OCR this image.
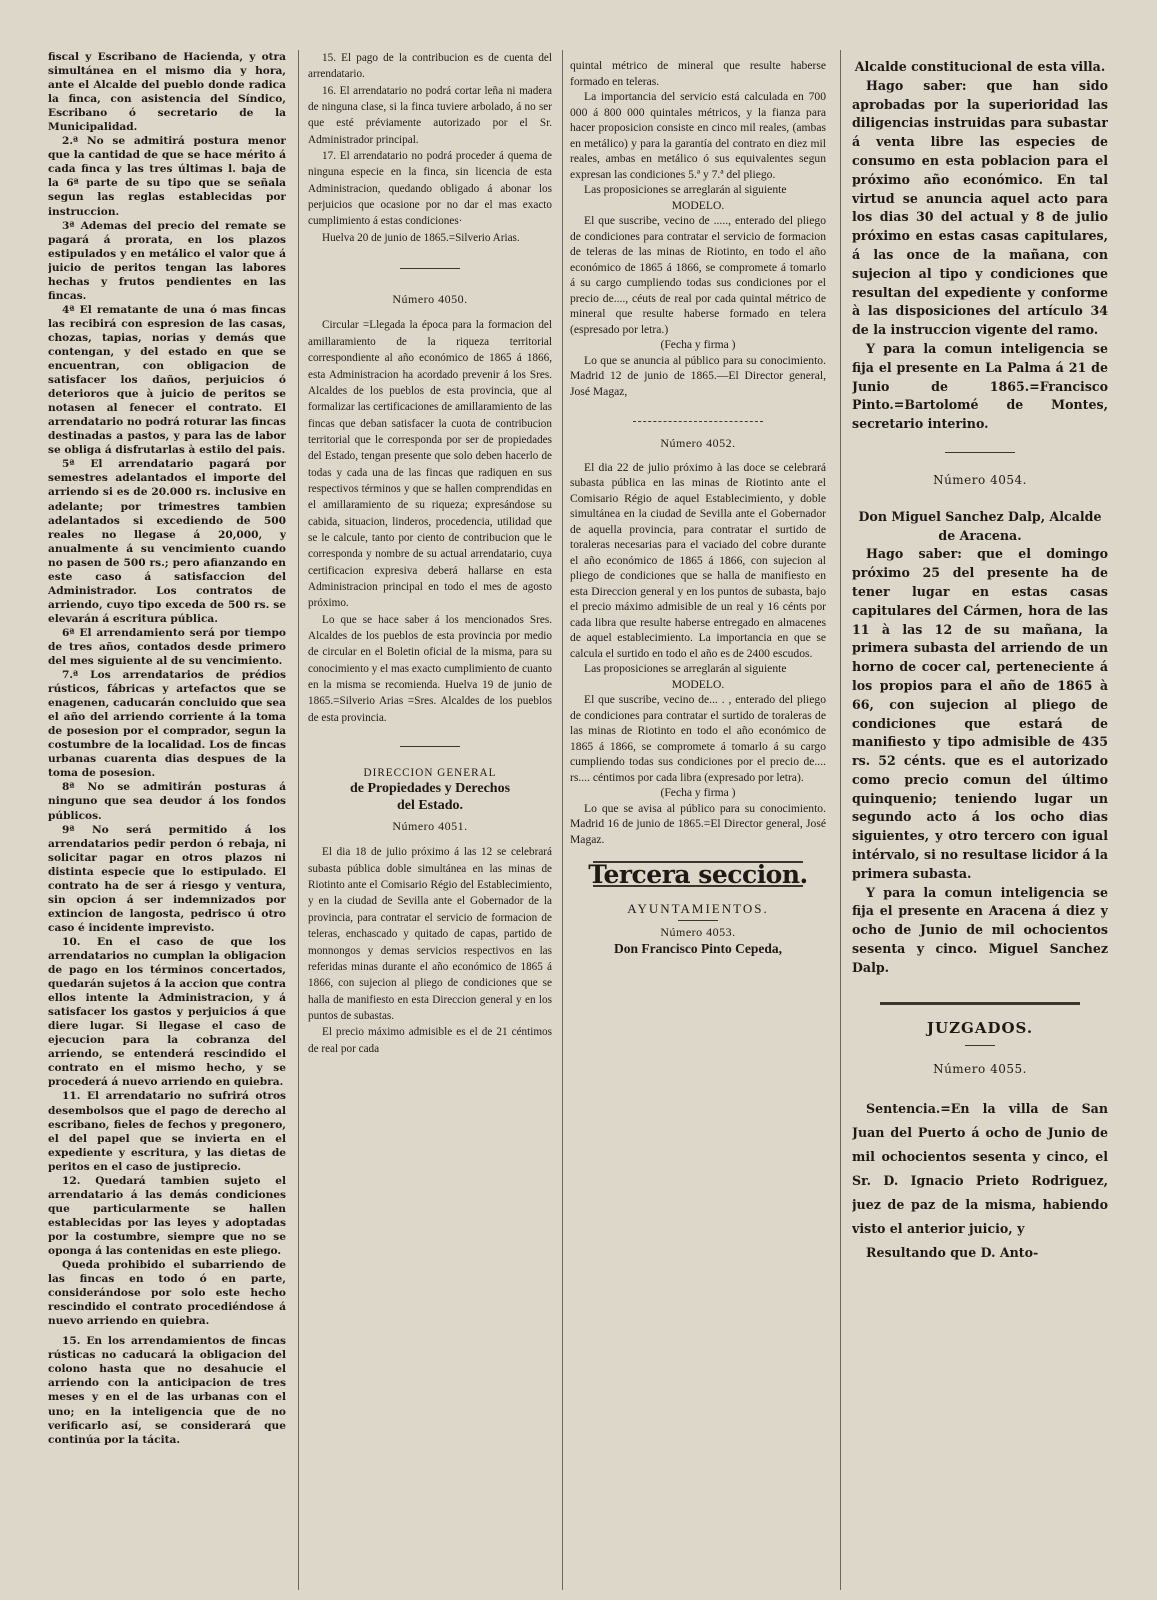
fiscal y Escribano de Hacienda, y otra simultánea en el mismo dia y hora, ante el Alcalde del pueblo donde radica la finca, con asistencia del Síndico, Escribano ó secretario de la Municipalidad.

2.ª No se admitirá postura menor que la cantidad de que se hace mérito á cada finca y las tres últimas l. baja de la 6ª parte de su tipo que se señala segun las reglas establecidas por instruccion.

3ª Ademas del precio del remate se pagará á prorata, en los plazos estipulados y en metálico el valor que á juicio de peritos tengan las labores hechas y frutos pendientes en las fincas.

4ª El rematante de una ó mas fincas las recibirá con espresion de las casas, chozas, tapias, norias y demás que contengan, y del estado en que se encuentran, con obligacion de satisfacer los daños, perjuicios ó deterioros que à juicio de peritos se notasen al fenecer el contrato. El arrendatario no podrá roturar las fincas destinadas a pastos, y para las de labor se obliga á disfrutarlas à estilo del pais.

5ª El arrendatario pagará por semestres adelantados el importe del arriendo si es de 20.000 rs. inclusive en adelante; por trimestres tambien adelantados si excediendo de 500 reales no llegase á 20,000, y anualmente á su vencimiento cuando no pasen de 500 rs.; pero afianzando en este caso á satisfaccion del Administrador. Los contratos de arriendo, cuyo tipo exceda de 500 rs. se elevarán á escritura pública.

6ª El arrendamiento será por tiempo de tres años, contados desde primero del mes siguiente al de su vencimiento.

7.ª Los arrendatarios de prédios rústicos, fábricas y artefactos que se enagenen, caducarán concluido que sea el año del arriendo corriente á la toma de posesion por el comprador, segun la costumbre de la localidad. Los de fincas urbanas cuarenta dias despues de la toma de posesion.

8ª No se admitirán posturas á ninguno que sea deudor á los fondos públicos.

9ª No será permitido á los arrendatarios pedir perdon ó rebaja, ni solicitar pagar en otros plazos ni distinta especie que lo estipulado. El contrato ha de ser á riesgo y ventura, sin opcion á ser indemnizados por extincion de langosta, pedrisco ú otro caso é incidente imprevisto.

10. En el caso de que los arrendatarios no cumplan la obligacion de pago en los términos concertados, quedarán sujetos á la accion que contra ellos intente la Administracion, y á satisfacer los gastos y perjuicios á que diere lugar. Si llegase el caso de ejecucion para la cobranza del arriendo, se entenderá rescindido el contrato en el mismo hecho, y se procederá á nuevo arriendo en quiebra.

11. El arrendatario no sufrirá otros desembolsos que el pago de derecho al escribano, fieles de fechos y pregonero, el del papel que se invierta en el expediente y escritura, y las dietas de peritos en el caso de justiprecio.

12. Quedará tambien sujeto el arrendatario á las demás condiciones que particularmente se hallen establecidas por las leyes y adoptadas por la costumbre, siempre que no se oponga á las contenidas en este pliego.

Queda prohibido el subarriendo de las fincas en todo ó en parte, considerándose por solo este hecho rescindido el contrato procediéndose á nuevo arriendo en quiebra.

15. En los arrendamientos de fincas rústicas no caducará la obligacion del colono hasta que no desahucie el arriendo con la anticipacion de tres meses y en el de las urbanas con el uno; en la inteligencia que de no verificarlo así, se considerará que continúa por la tácita.

15. El pago de la contribucion es de cuenta del arrendatario.

16. El arrendatario no podrá cortar leña ni madera de ninguna clase, si la finca tuviere arbolado, á no ser que esté préviamente autorizado por el Sr. Administrador principal.

17. El arrendatario no podrá proceder á quema de ninguna especie en la finca, sin licencia de esta Administracion, quedando obligado á abonar los perjuicios que ocasione por no dar el mas exacto cumplimiento á estas condiciones·

Huelva 20 de junio de 1865.=Silverio Arias.

Número 4050.

Circular =Llegada la época para la formacion del amillaramiento de la riqueza territorial correspondiente al año económico de 1865 á 1866, esta Administracion ha acordado prevenir á los Sres. Alcaldes de los pueblos de esta provincia, que al formalizar las certificaciones de amillaramiento de las fincas que deban satisfacer la cuota de contribucion territorial que le corresponda por ser de propiedades del Estado, tengan presente que solo deben hacerlo de todas y cada una de las fincas que radiquen en sus respectivos términos y que se hallen comprendidas en el amillaramiento de su riqueza; expresándose su cabida, situacion, linderos, procedencia, utilidad que se le calcule, tanto por ciento de contribucion que le corresponda y nombre de su actual arrendatario, cuya certificacion expresiva deberá hallarse en esta Administracion principal en todo el mes de agosto próximo.

Lo que se hace saber á los mencionados Sres. Alcaldes de los pueblos de esta provincia por medio de circular en el Boletin oficial de la misma, para su conocimiento y el mas exacto cumplimiento de cuanto en la misma se recomienda. Huelva 19 de junio de 1865.=Silverio Arias =Sres. Alcaldes de los pueblos de esta provincia.

DIRECCION GENERAL

de Propiedades y Derechos

del Estado.

Número 4051.

El dia 18 de julio próximo á las 12 se celebrará subasta pública doble simultánea en las minas de Riotinto ante el Comisario Régio del Establecimiento, y en la ciudad de Sevilla ante el Gobernador de la provincia, para contratar el servicio de formacion de teleras, enchascado y quitado de capas, partido de monnongos y demas servicios respectivos en las referidas minas durante el año económico de 1865 á 1866, con sujecion al pliego de condiciones que se halla de manifiesto en esta Direccion general y en los puntos de subastas.

El precio máximo admisible es el de 21 céntimos de real por cada

quintal métrico de mineral que resulte haberse formado en teleras.

La importancia del servicio está calculada en 700 000 á 800 000 quintales métricos, y la fianza para hacer proposicion consiste en cinco mil reales, (ambas en metálico) y para la garantía del contrato en diez mil reales, ambas en metálico ó sus equivalentes segun expresan las condiciones 5.ª y 7.ª del pliego.

Las proposiciones se arreglarán al siguiente

MODELO.

El que suscribe, vecino de ....., enterado del pliego de condiciones para contratar el servicio de formacion de teleras de las minas de Riotinto, en todo el año económico de 1865 á 1866, se compromete á tomarlo á su cargo cumpliendo todas sus condiciones por el precio de...., céuts de real por cada quintal métrico de mineral que resulte haberse formado en telera (espresado por letra.)

(Fecha y firma )

Lo que se anuncia al público para su conocimiento. Madrid 12 de junio de 1865.—El Director general, José Magaz,

Número 4052.

El dia 22 de julio próximo à las doce se celebrará subasta pública en las minas de Riotinto ante el Comisario Régio de aquel Establecimiento, y doble simultánea en la ciudad de Sevilla ante el Gobernador de aquella provincia, para contratar el surtido de toraleras necesarias para el vaciado del cobre durante el año económico de 1865 á 1866, con sujecion al pliego de condiciones que se halla de manifiesto en esta Direccion general y en los puntos de subasta, bajo el precio máximo admisible de un real y 16 cénts por cada libra que resulte haberse entregado en almacenes de aquel establecimiento. La importancia en que se calcula el surtido en todo el año es de 2400 escudos.

Las proposiciones se arreglarán al siguiente

MODELO.

El que suscribe, vecino de... . , enterado del pliego de condiciones para contratar el surtido de toraleras de las minas de Riotinto en todo el año económico de 1865 á 1866, se compromete á tomarlo á su cargo cumpliendo todas sus condiciones por el precio de.... rs.... céntimos por cada libra (expresado por letra).

(Fecha y firma )

Lo que se avisa al público para su conocimiento. Madrid 16 de junio de 1865.=El Director general, José Magaz.

Tercera seccion.

AYUNTAMIENTOS.

Número 4053.

Don Francisco Pinto Cepeda,

Alcalde constitucional de esta villa.

Hago saber: que han sido aprobadas por la superioridad las diligencias instruidas para subastar á venta libre las especies de consumo en esta poblacion para el próximo año económico. En tal virtud se anuncia aquel acto para los dias 30 del actual y 8 de julio próximo en estas casas capitulares, á las once de la mañana, con sujecion al tipo y condiciones que resultan del expediente y conforme à las disposiciones del artículo 34 de la instruccion vigente del ramo.

Y para la comun inteligencia se fija el presente en La Palma á 21 de Junio de 1865.=Francisco Pinto.=Bartolomé de Montes, secretario interino.

Número 4054.

Don Miguel Sanchez Dalp, Alcalde de Aracena.

Hago saber: que el domingo próximo 25 del presente ha de tener lugar en estas casas capitulares del Cármen, hora de las 11 à las 12 de su mañana, la primera subasta del arriendo de un horno de cocer cal, perteneciente á los propios para el año de 1865 à 66, con sujecion al pliego de condiciones que estará de manifiesto y tipo admisible de 435 rs. 52 cénts. que es el autorizado como precio comun del último quinquenio; teniendo lugar un segundo acto á los ocho dias siguientes, y otro tercero con igual intérvalo, si no resultase licidor á la primera subasta.

Y para la comun inteligencia se fija el presente en Aracena á diez y ocho de Junio de mil ochocientos sesenta y cinco. Miguel Sanchez Dalp.

JUZGADOS.

Número 4055.

Sentencia.=En la villa de San Juan del Puerto á ocho de Junio de mil ochocientos sesenta y cinco, el Sr. D. Ignacio Prieto Rodriguez, juez de paz de la misma, habiendo visto el anterior juicio, y

Resultando que D. Anto-
